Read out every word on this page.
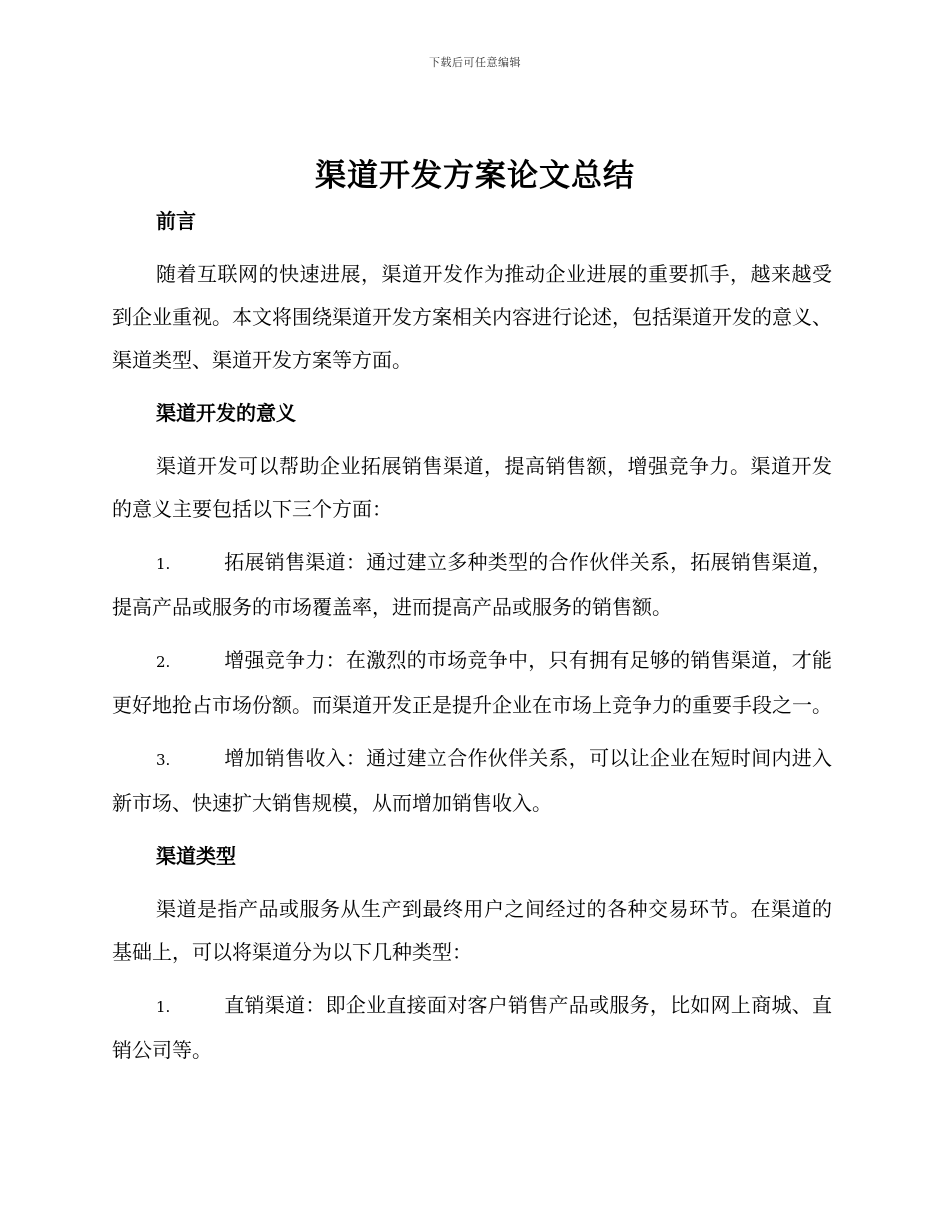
下载后可任意编辑
渠道开发方案论文总结
前言

随着互联网的快速进展，渠道开发作为推动企业进展的重要抓手，越来越受到企业重视。本文将围绕渠道开发方案相关内容进行论述，包括渠道开发的意义、渠道类型、渠道开发方案等方面。

渠道开发的意义

渠道开发可以帮助企业拓展销售渠道，提高销售额，增强竞争力。渠道开发的意义主要包括以下三个方面：

1.	拓展销售渠道：通过建立多种类型的合作伙伴关系，拓展销售渠道，提高产品或服务的市场覆盖率，进而提高产品或服务的销售额。

2.	增强竞争力：在激烈的市场竞争中，只有拥有足够的销售渠道，才能更好地抢占市场份额。而渠道开发正是提升企业在市场上竞争力的重要手段之一。

3.	增加销售收入：通过建立合作伙伴关系，可以让企业在短时间内进入新市场、快速扩大销售规模，从而增加销售收入。

渠道类型

渠道是指产品或服务从生产到最终用户之间经过的各种交易环节。在渠道的基础上，可以将渠道分为以下几种类型：

1.	直销渠道：即企业直接面对客户销售产品或服务，比如网上商城、直销公司等。
